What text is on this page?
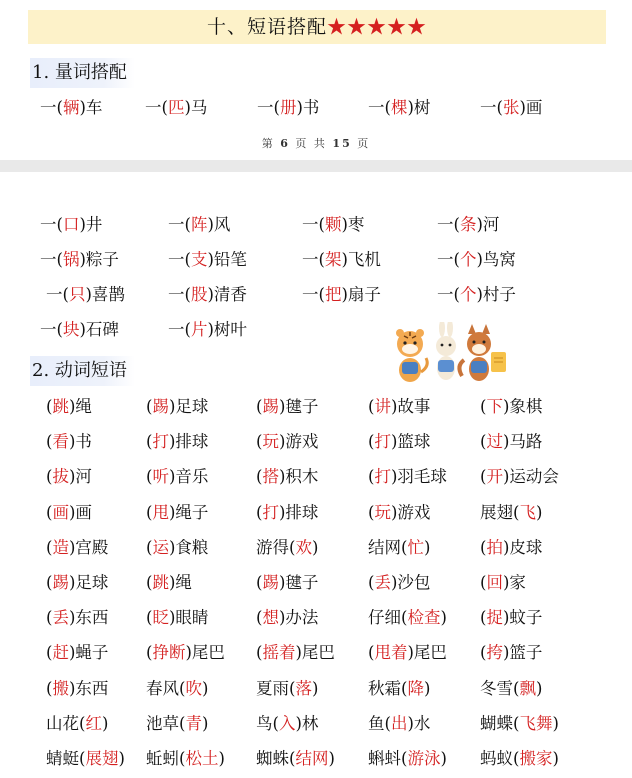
十、短语搭配★★★★★
1. 量词搭配
一(辆)车	一(匹)马	一(册)书	一(棵)树	一(张)画
第 6 页 共 15 页
一(口)井	一(阵)风	一(颗)枣	一(条)河
一(锅)粽子	一(支)铅笔	一(架)飞机	一(个)鸟窝
一(只)喜鹊	一(股)清香	一(把)扇子	一(个)村子
一(块)石碑	一(片)树叶
2. 动词短语
(跳)绳	(踢)足球	(踢)毽子	(讲)故事	(下)象棋
(看)书	(打)排球	(玩)游戏	(打)篮球	(过)马路
(拔)河	(听)音乐	(搭)积木	(打)羽毛球 (开)运动会
(画)画	(甩)绳子	(打)排球	(玩)游戏	展翅(飞)
(造)宫殿 (运)食粮	游得(欢)	结网(忙)	(拍)皮球
(踢)足球 (跳)绳	(踢)毽子	(丢)沙包	(回)家
(丢)东西 (眨)眼睛	(想)办法	仔细(检查) (捉)蚊子
(赶)蝇子 (挣断)尾巴 (摇着)尾巴 (甩着)尾巴 (挎)篮子
(搬)东西 春风(吹)	夏雨(落)	秋霜(降)	冬雪(飘)
山花(红) 池草(青)	鸟(入)林	鱼(出)水	蝴蝶(飞舞)
蜻蜓(展翅) 蚯蚓(松土) 蜘蛛(结网) 蝌蚪(游泳) 蚂蚁(搬家)
